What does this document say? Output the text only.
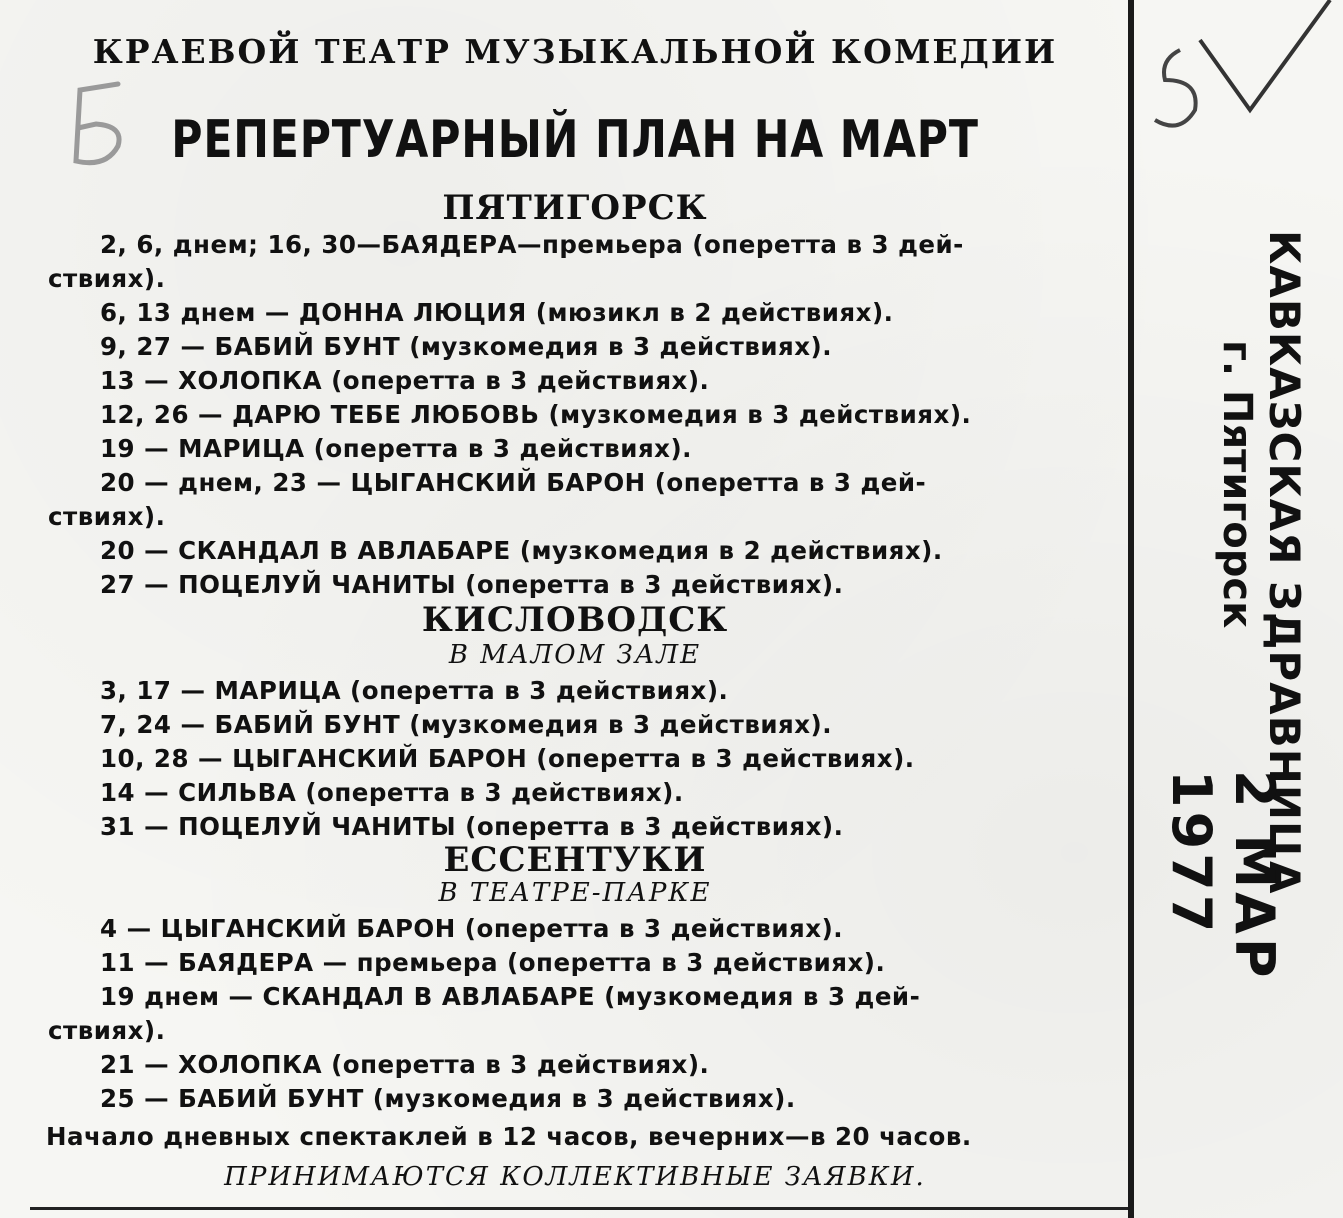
КРАЕВОЙ ТЕАТР МУЗЫКАЛЬНОЙ КОМЕДИИ
РЕПЕРТУАРНЫЙ ПЛАН НА МАРТ
ПЯТИГОРСК
2, 6, днем; 16, 30—БАЯДЕРА—премьера (оперетта в 3 дей-
ствиях).
6, 13 днем — ДОННА ЛЮЦИЯ (мюзикл в 2 действиях).
9, 27 — БАБИЙ БУНТ (музкомедия в 3 действиях).
13 — ХОЛОПКА (оперетта в 3 действиях).
12, 26 — ДАРЮ ТЕБЕ ЛЮБОВЬ (музкомедия в 3 действиях).
19 — МАРИЦА (оперетта в 3 действиях).
20 — днем, 23 — ЦЫГАНСКИЙ БАРОН (оперетта в 3 дей-
ствиях).
20 — СКАНДАЛ В АВЛАБАРЕ (музкомедия в 2 действиях).
27 — ПОЦЕЛУЙ ЧАНИТЫ (оперетта в 3 действиях).
КИСЛОВОДСК
В МАЛОМ ЗАЛЕ
3, 17 — МАРИЦА (оперетта в 3 действиях).
7, 24 — БАБИЙ БУНТ (музкомедия в 3 действиях).
10, 28 — ЦЫГАНСКИЙ БАРОН (оперетта в 3 действиях).
14 — СИЛЬВА (оперетта в 3 действиях).
31 — ПОЦЕЛУЙ ЧАНИТЫ (оперетта в 3 действиях).
ЕССЕНТУКИ
В ТЕАТРЕ-ПАРКЕ
4 — ЦЫГАНСКИЙ БАРОН (оперетта в 3 действиях).
11 — БАЯДЕРА — премьера (оперетта в 3 действиях).
19 днем — СКАНДАЛ В АВЛАБАРЕ (музкомедия в 3 дей-
ствиях).
21 — ХОЛОПКА (оперетта в 3 действиях).
25 — БАБИЙ БУНТ (музкомедия в 3 действиях).
Начало дневных спектаклей в 12 часов, вечерних—в 20 часов.
ПРИНИМАЮТСЯ КОЛЛЕКТИВНЫЕ ЗАЯВКИ.
КАВКАЗСКАЯ ЗДРАВНИЦА
г. Пятигорск
2 МАР 1977
